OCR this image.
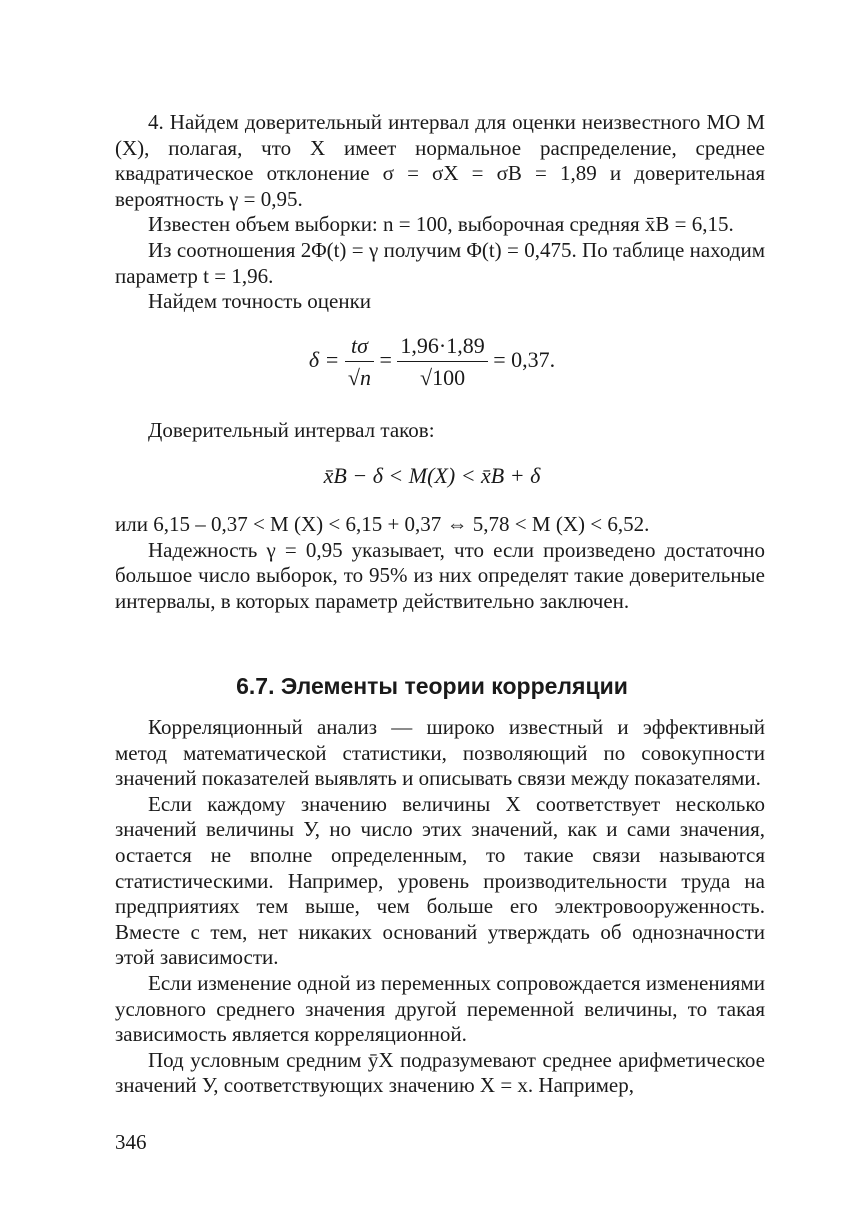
4. Найдем доверительный интервал для оценки неизвестного МО M (X), полагая, что X имеет нормальное распределение, среднее квадратическое отклонение σ = σX = σB = 1,89 и доверительная вероятность γ = 0,95.

Известен объем выборки: n = 100, выборочная средняя x̄B = 6,15.

Из соотношения 2Φ(t) = γ получим Φ(t) = 0,475. По таблице находим параметр t = 1,96.

Найдем точность оценки

$\delta = \frac{t\sigma}{√n} = \frac{1,96\cdot 1,89}{√100} = 0,37$.

Доверительный интервал таков:

x̄B − δ < M(X) < x̄B + δ

или 6,15 – 0,37 < M (X) < 6,15 + 0,37 ⇔ 5,78 < M (X) < 6,52.

Надежность γ = 0,95 указывает, что если произведено достаточно большое число выборок, то 95% из них определят такие доверительные интервалы, в которых параметр действительно заключен.

6.7. Элементы теории корреляции

Корреляционный анализ — широко известный и эффективный метод математической статистики, позволяющий по совокупности значений показателей выявлять и описывать связи между показателями.

Если каждому значению величины X соответствует несколько значений величины У, но число этих значений, как и сами значения, остается не вполне определенным, то такие связи называются статистическими. Например, уровень производительности труда на предприятиях тем выше, чем больше его электровооруженность. Вместе с тем, нет никаких оснований утверждать об однозначности этой зависимости.

Если изменение одной из переменных сопровождается изменениями условного среднего значения другой переменной величины, то такая зависимость является корреляционной.

Под условным средним ȳX подразумевают среднее арифметическое значений У, соответствующих значению X = x. Например,

346
